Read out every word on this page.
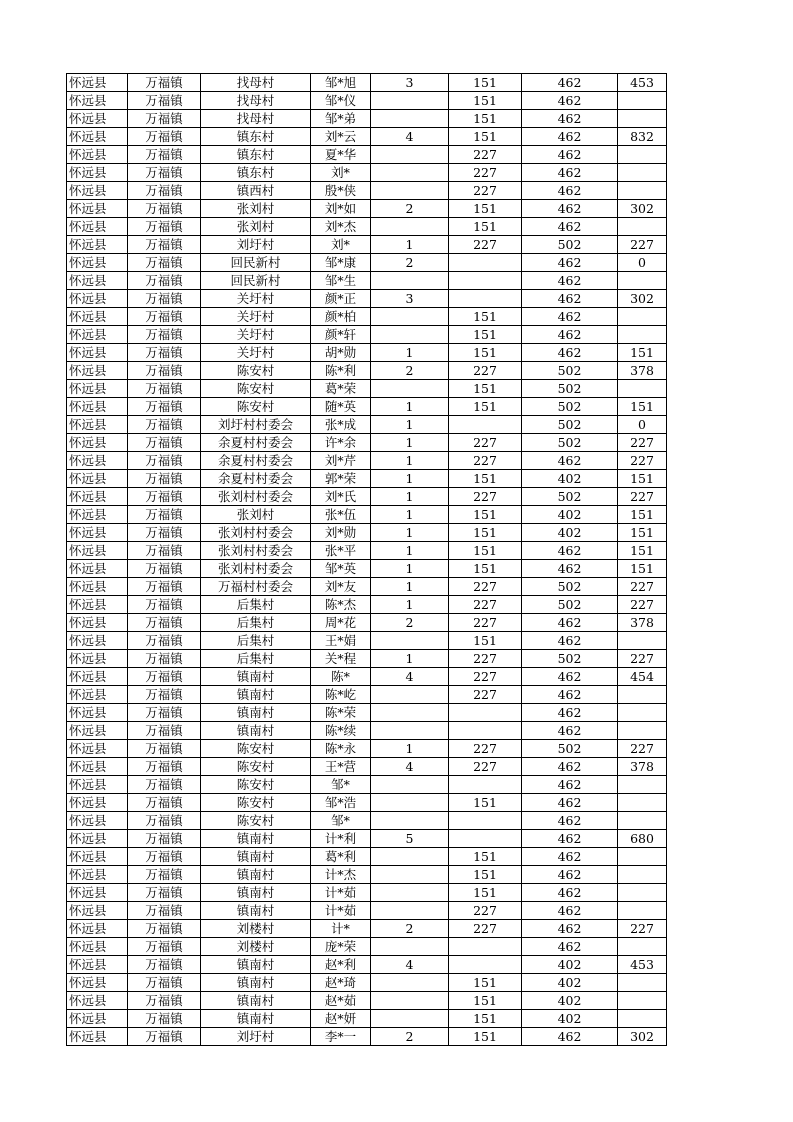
怀远县	万福镇	找母村	邹*旭	3	151	462	453
怀远县	万福镇	找母村	邹*仪		151	462	
怀远县	万福镇	找母村	邹*弟		151	462	
怀远县	万福镇	镇东村	刘*云	4	151	462	832
怀远县	万福镇	镇东村	夏*华		227	462	
怀远县	万福镇	镇东村	刘*		227	462	
怀远县	万福镇	镇西村	殷*侠		227	462	
怀远县	万福镇	张刘村	刘*如	2	151	462	302
怀远县	万福镇	张刘村	刘*杰		151	462	
怀远县	万福镇	刘圩村	刘*	1	227	502	227
怀远县	万福镇	回民新村	邹*康	2		462	0
怀远县	万福镇	回民新村	邹*生			462	
怀远县	万福镇	关圩村	颜*正	3		462	302
怀远县	万福镇	关圩村	颜*柏		151	462	
怀远县	万福镇	关圩村	颜*轩		151	462	
怀远县	万福镇	关圩村	胡*勋	1	151	462	151
怀远县	万福镇	陈安村	陈*利	2	227	502	378
怀远县	万福镇	陈安村	葛*荣		151	502	
怀远县	万福镇	陈安村	随*英	1	151	502	151
怀远县	万福镇	刘圩村村委会	张*成	1		502	0
怀远县	万福镇	余夏村村委会	许*余	1	227	502	227
怀远县	万福镇	余夏村村委会	刘*芹	1	227	462	227
怀远县	万福镇	余夏村村委会	郭*荣	1	151	402	151
怀远县	万福镇	张刘村村委会	刘*氏	1	227	502	227
怀远县	万福镇	张刘村	张*伍	1	151	402	151
怀远县	万福镇	张刘村村委会	刘*勋	1	151	402	151
怀远县	万福镇	张刘村村委会	张*平	1	151	462	151
怀远县	万福镇	张刘村村委会	邹*英	1	151	462	151
怀远县	万福镇	万福村村委会	刘*友	1	227	502	227
怀远县	万福镇	后集村	陈*杰	1	227	502	227
怀远县	万福镇	后集村	周*花	2	227	462	378
怀远县	万福镇	后集村	王*娟		151	462	
怀远县	万福镇	后集村	关*程	1	227	502	227
怀远县	万福镇	镇南村	陈*	4	227	462	454
怀远县	万福镇	镇南村	陈*屹		227	462	
怀远县	万福镇	镇南村	陈*荣			462	
怀远县	万福镇	镇南村	陈*续			462	
怀远县	万福镇	陈安村	陈*永	1	227	502	227
怀远县	万福镇	陈安村	王*营	4	227	462	378
怀远县	万福镇	陈安村	邹*			462	
怀远县	万福镇	陈安村	邹*浩		151	462	
怀远县	万福镇	陈安村	邹*			462	
怀远县	万福镇	镇南村	计*利	5		462	680
怀远县	万福镇	镇南村	葛*利		151	462	
怀远县	万福镇	镇南村	计*杰		151	462	
怀远县	万福镇	镇南村	计*茹		151	462	
怀远县	万福镇	镇南村	计*茹		227	462	
怀远县	万福镇	刘楼村	计*	2	227	462	227
怀远县	万福镇	刘楼村	庞*荣			462	
怀远县	万福镇	镇南村	赵*利	4		402	453
怀远县	万福镇	镇南村	赵*琦		151	402	
怀远县	万福镇	镇南村	赵*茹		151	402	
怀远县	万福镇	镇南村	赵*妍		151	402	
怀远县	万福镇	刘圩村	李*一	2	151	462	302
